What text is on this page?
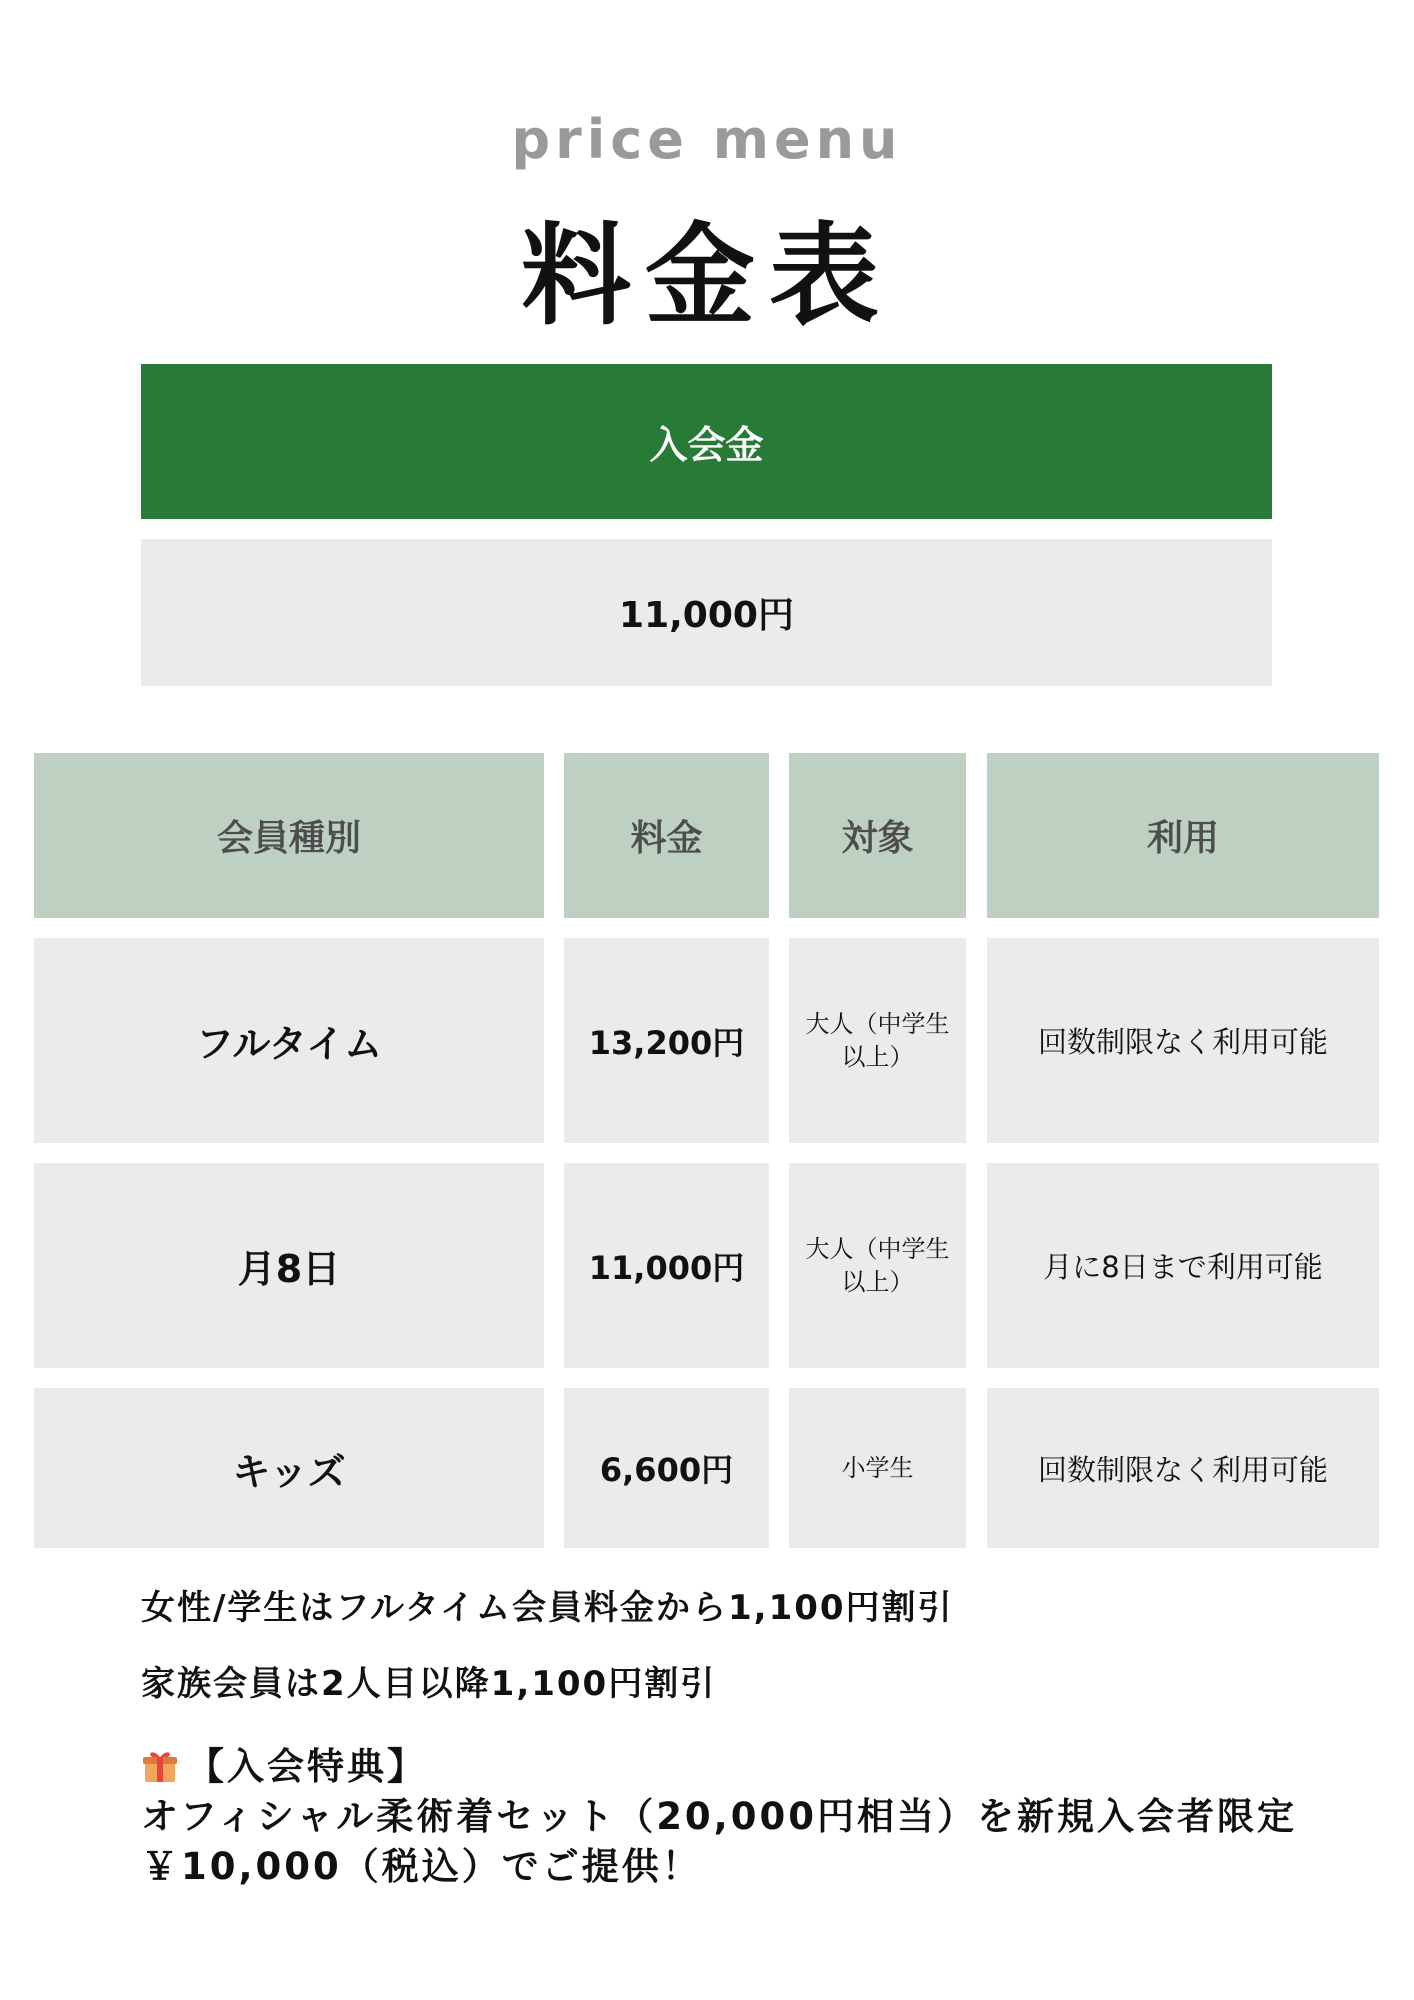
price menu
料金表
入会金
11,000円
会員種別	料金	対象	利用
フルタイム	13,200円	大人（中学生以上）	回数制限なく利用可能
月8日	11,000円	大人（中学生以上）	月に8日まで利用可能
キッズ	6,600円	小学生	回数制限なく利用可能
女性/学生はフルタイム会員料金から1,100円割引
家族会員は2人目以降1,100円割引
【入会特典】
オフィシャル柔術着セット（20,000円相当）を新規入会者限定
￥10,000（税込）でご提供！
